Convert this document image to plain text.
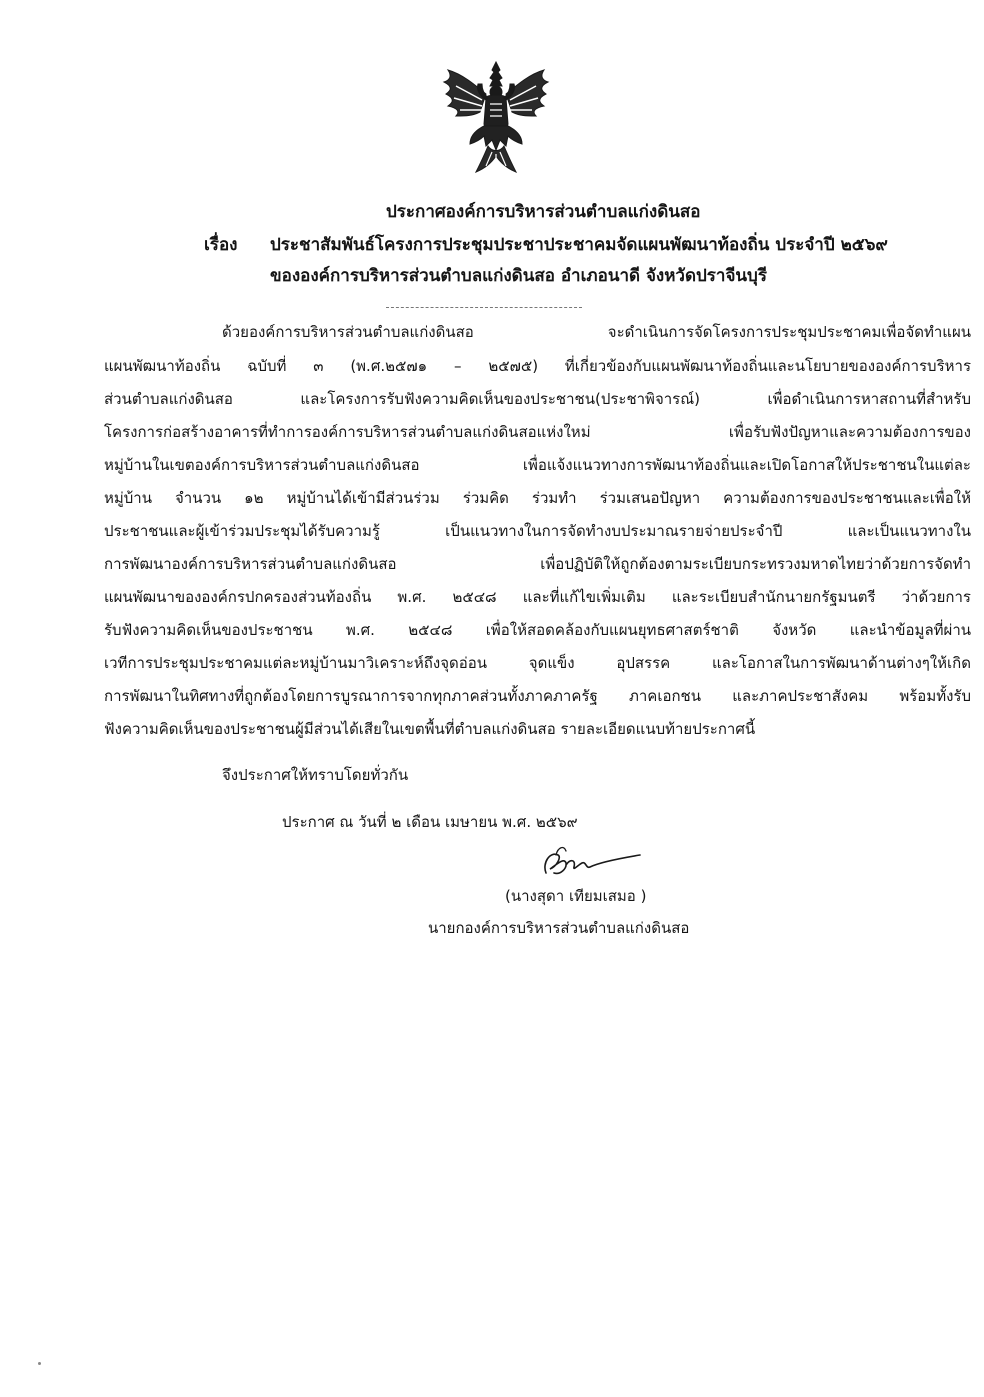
ประกาศองค์การบริหารส่วนตำบลแก่งดินสอ
เรื่อง ประชาสัมพันธ์โครงการประชุมประชาประชาคมจัดแผนพัฒนาท้องถิ่น ประจำปี ๒๕๖๙
ขององค์การบริหารส่วนตำบลแก่งดินสอ อำเภอนาดี จังหวัดปราจีนบุรี
ด้วยองค์การบริหารส่วนตำบลแก่งดินสอ จะดำเนินการจัดโครงการประชุมประชาคมเพื่อจัดทำแผน
แผนพัฒนาท้องถิ่น ฉบับที่ ๓ (พ.ศ.๒๕๗๑ – ๒๕๗๕) ที่เกี่ยวข้องกับแผนพัฒนาท้องถิ่นและนโยบายขององค์การบริหาร
ส่วนตำบลแก่งดินสอ และโครงการรับฟังความคิดเห็นของประชาชน(ประชาพิจารณ์) เพื่อดำเนินการหาสถานที่สำหรับ
โครงการก่อสร้างอาคารที่ทำการองค์การบริหารส่วนตำบลแก่งดินสอแห่งใหม่ เพื่อรับฟังปัญหาและความต้องการของ
หมู่บ้านในเขตองค์การบริหารส่วนตำบลแก่งดินสอ เพื่อแจ้งแนวทางการพัฒนาท้องถิ่นและเปิดโอกาสให้ประชาชนในแต่ละ
หมู่บ้าน จำนวน ๑๒ หมู่บ้านได้เข้ามีส่วนร่วม ร่วมคิด ร่วมทำ ร่วมเสนอปัญหา ความต้องการของประชาชนและเพื่อให้
ประชาชนและผู้เข้าร่วมประชุมได้รับความรู้ เป็นแนวทางในการจัดทำงบประมาณรายจ่ายประจำปี และเป็นแนวทางใน
การพัฒนาองค์การบริหารส่วนตำบลแก่งดินสอ เพื่อปฏิบัติให้ถูกต้องตามระเบียบกระทรวงมหาดไทยว่าด้วยการจัดทำ
แผนพัฒนาขององค์กรปกครองส่วนท้องถิ่น พ.ศ. ๒๕๔๘ และที่แก้ไขเพิ่มเติม และระเบียบสำนักนายกรัฐมนตรี ว่าด้วยการ
รับฟังความคิดเห็นของประชาชน พ.ศ. ๒๕๔๘ เพื่อให้สอดคล้องกับแผนยุทธศาสตร์ชาติ จังหวัด และนำข้อมูลที่ผ่าน
เวทีการประชุมประชาคมแต่ละหมู่บ้านมาวิเคราะห์ถึงจุดอ่อน จุดแข็ง อุปสรรค และโอกาสในการพัฒนาด้านต่างๆให้เกิด
การพัฒนาในทิศทางที่ถูกต้องโดยการบูรณาการจากทุกภาคส่วนทั้งภาคภาครัฐ ภาคเอกชน และภาคประชาสังคม พร้อมทั้งรับ
ฟังความคิดเห็นของประชาชนผู้มีส่วนได้เสียในเขตพื้นที่ตำบลแก่งดินสอ รายละเอียดแนบท้ายประกาศนี้
จึงประกาศให้ทราบโดยทั่วกัน
ประกาศ ณ วันที่ ๒ เดือน เมษายน พ.ศ. ๒๕๖๙
(นางสุดา เทียมเสมอ )
นายกองค์การบริหารส่วนตำบลแก่งดินสอ
